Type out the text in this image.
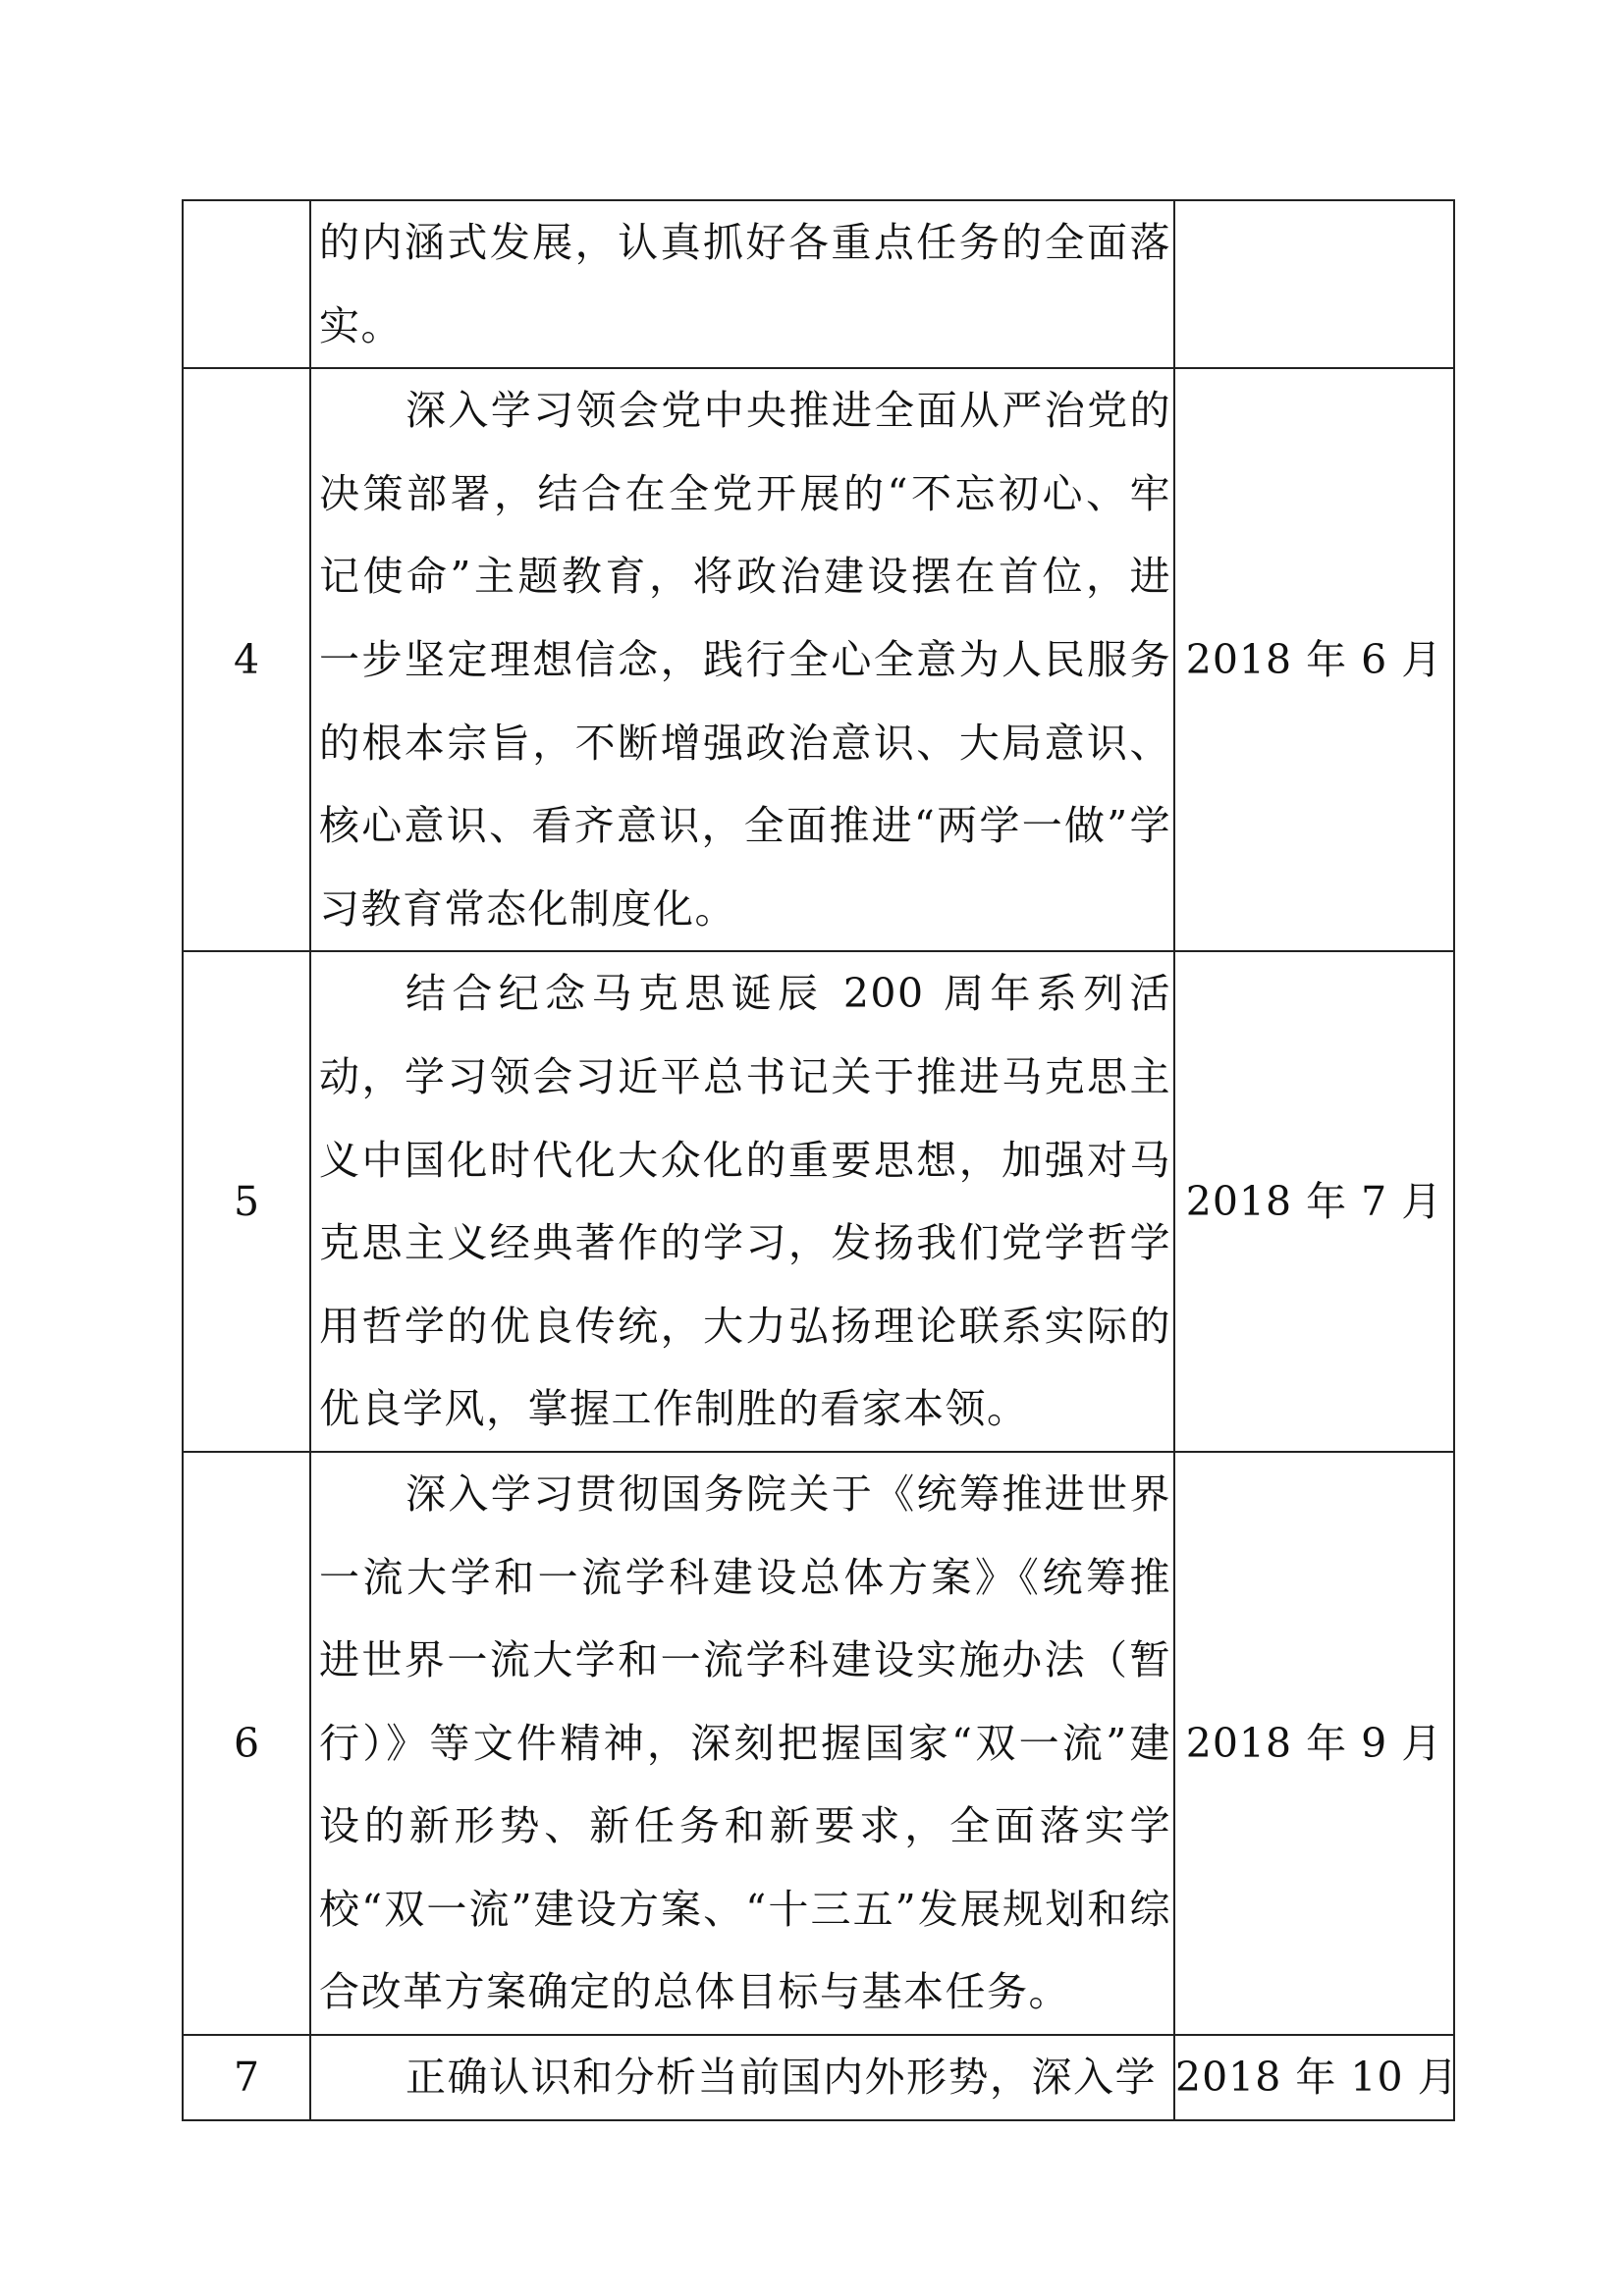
	的内涵式发展，认真抓好各重点任务的全面落实。	

4	深入学习领会党中央推进全面从严治党的决策部署，结合在全党开展的“不忘初心、牢记使命”主题教育，将政治建设摆在首位，进一步坚定理想信念，践行全心全意为人民服务的根本宗旨，不断增强政治意识、大局意识、核心意识、看齐意识，全面推进“两学一做”学习教育常态化制度化。	2018 年 6 月
5	结合纪念马克思诞辰 200 周年系列活动，学习领会习近平总书记关于推进马克思主义中国化时代化大众化的重要思想，加强对马克思主义经典著作的学习，发扬我们党学哲学用哲学的优良传统，大力弘扬理论联系实际的优良学风，掌握工作制胜的看家本领。	2018 年 7 月
6	深入学习贯彻国务院关于《统筹推进世界一流大学和一流学科建设总体方案》《统筹推进世界一流大学和一流学科建设实施办法（暂行）》等文件精神，深刻把握国家“双一流”建设的新形势、新任务和新要求，全面落实学校“双一流”建设方案、“十三五”发展规划和综合改革方案确定的总体目标与基本任务。	2018 年 9 月
7	正确认识和分析当前国内外形势，深入学	2018 年 10 月
